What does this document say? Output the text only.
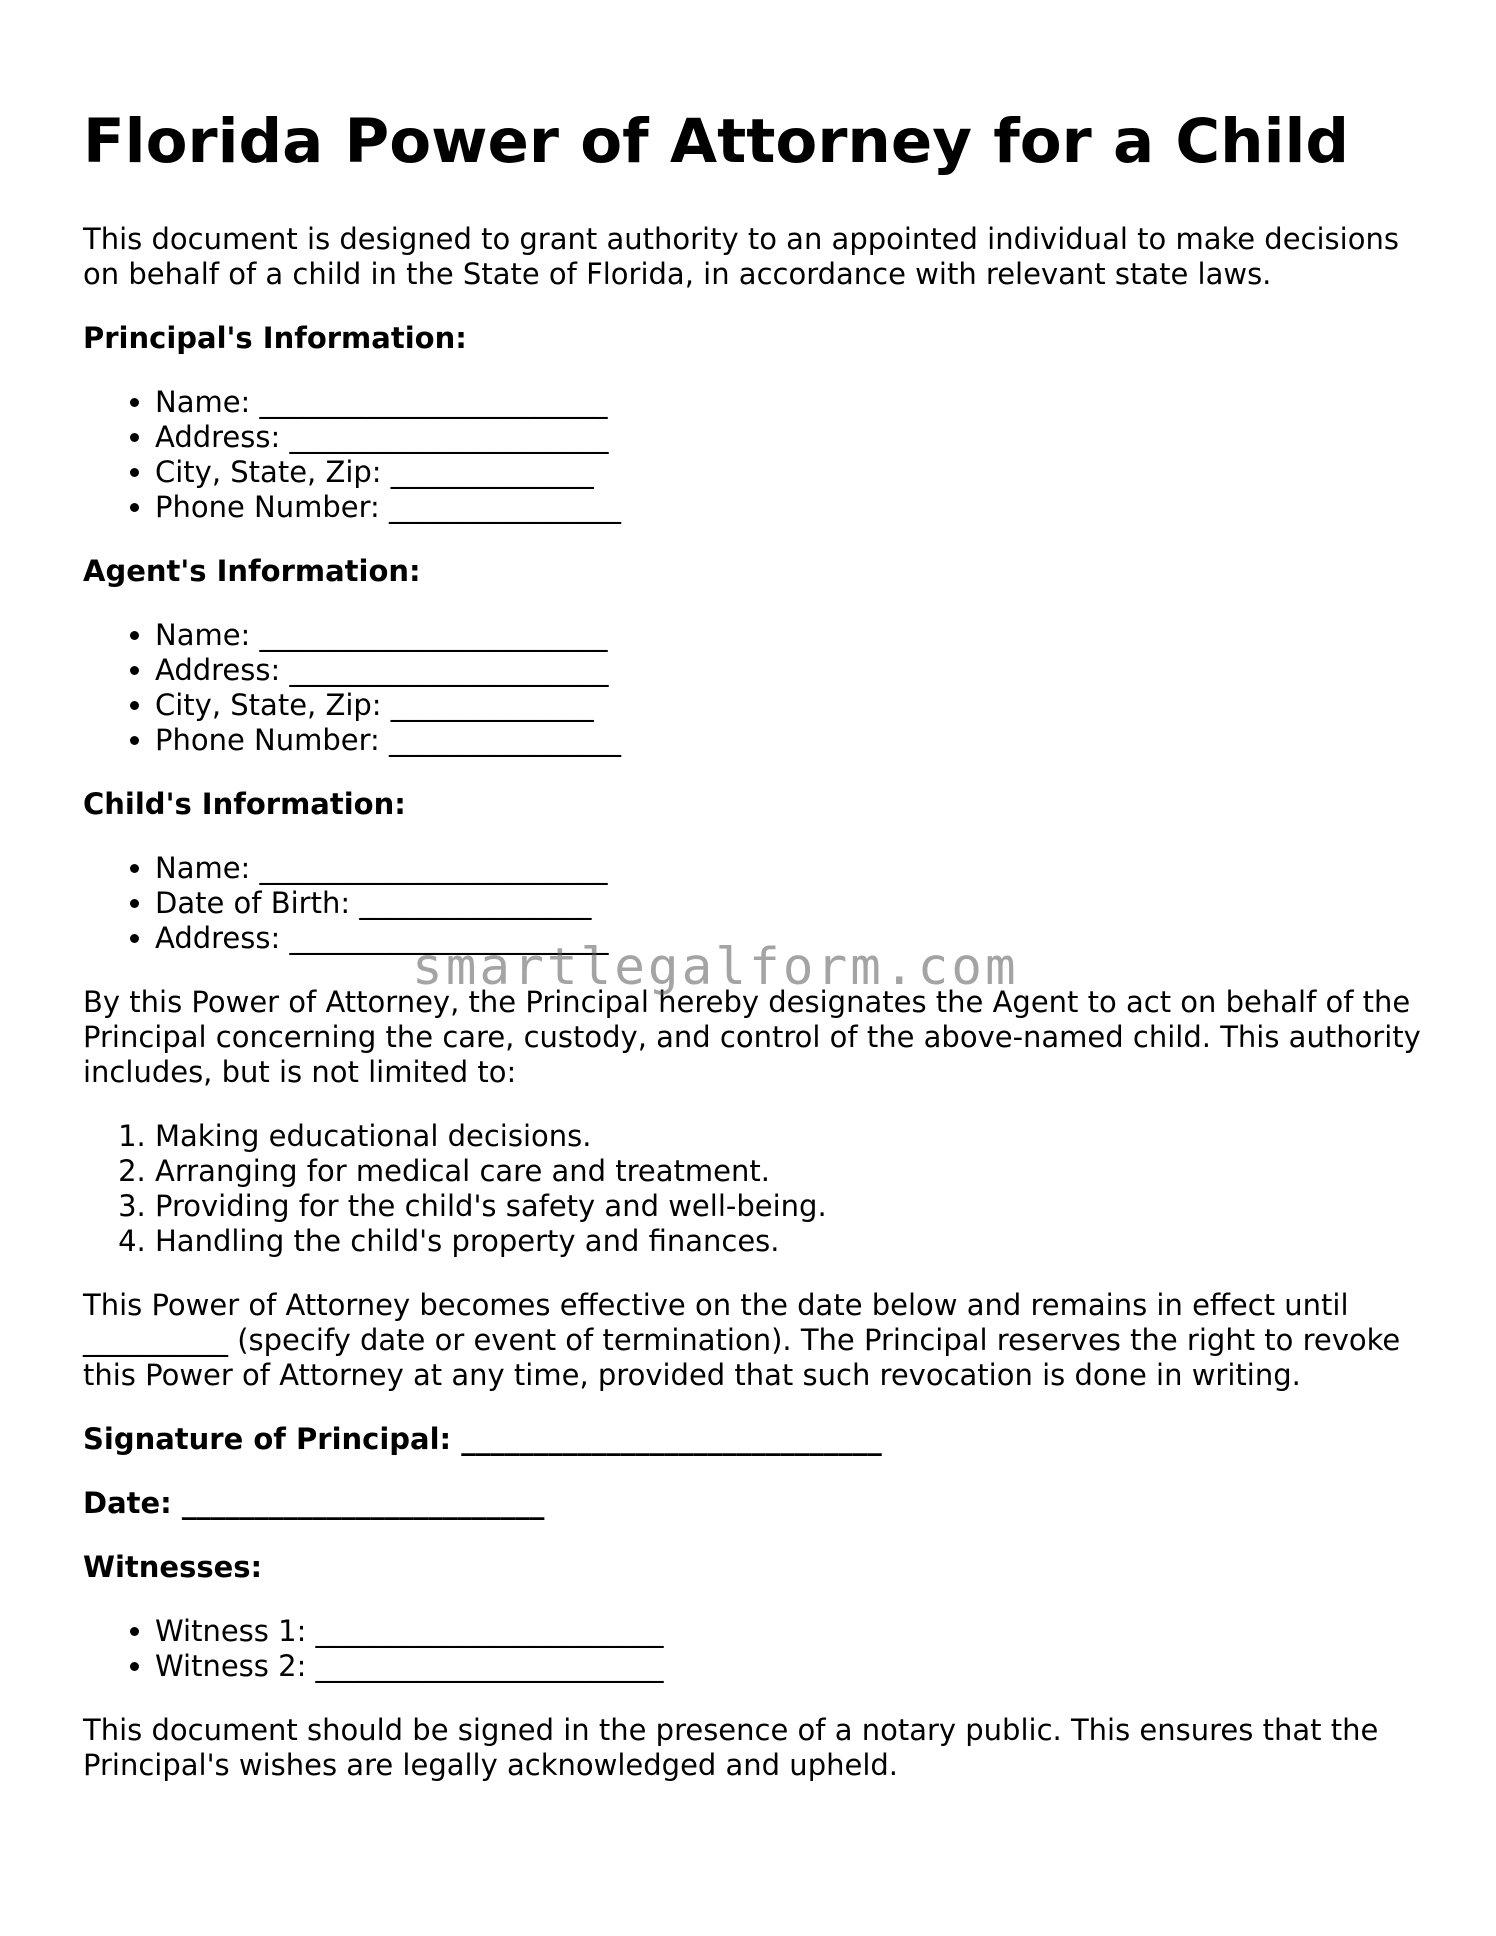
Florida Power of Attorney for a Child

This document is designed to grant authority to an appointed individual to make decisions on behalf of a child in the State of Florida, in accordance with relevant state laws.

Principal's Information:
• Name: ________________________
• Address: ______________________
• City, State, Zip: ______________
• Phone Number: ________________
Agent's Information:
• Name: ________________________
• Address: ______________________
• City, State, Zip: ______________
• Phone Number: ________________
Child's Information:
• Name: ________________________
• Date of Birth: ________________
• Address: ______________________

By this Power of Attorney, the Principal hereby designates the Agent to act on behalf of the Principal concerning the care, custody, and control of the above-named child. This authority includes, but is not limited to:

1. Making educational decisions.
2. Arranging for medical care and treatment.
3. Providing for the child's safety and well-being.
4. Handling the child's property and finances.

This Power of Attorney becomes effective on the date below and remains in effect until __________ (specify date or event of termination). The Principal reserves the right to revoke this Power of Attorney at any time, provided that such revocation is done in writing.

Signature of Principal: _____________________________
Date: _________________________
Witnesses:
• Witness 1: ________________________
• Witness 2: ________________________

This document should be signed in the presence of a notary public. This ensures that the Principal's wishes are legally acknowledged and upheld.

smartlegalform.com
